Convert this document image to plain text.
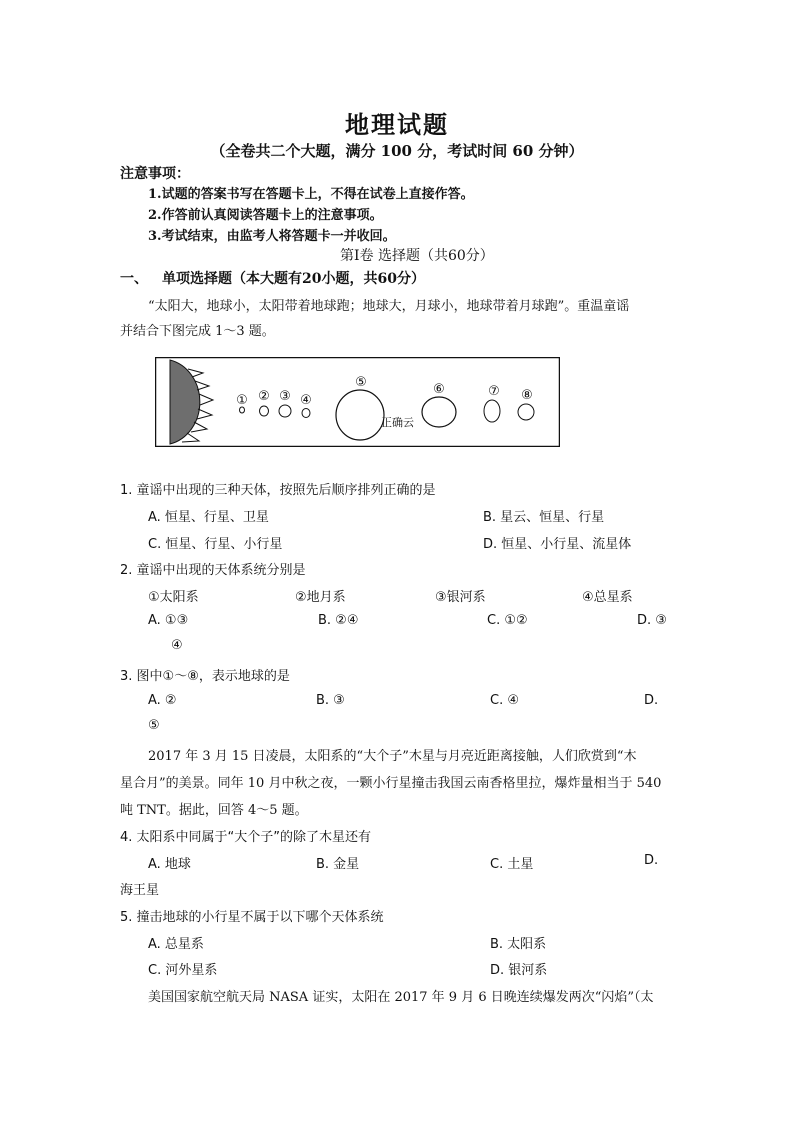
地理试题
（全卷共二个大题，满分 100 分，考试时间 60 分钟）
注意事项：
1.试题的答案书写在答题卡上，不得在试卷上直接作答。
2.作答前认真阅读答题卡上的注意事项。
3.考试结束，由监考人将答题卡一并收回。
第Ⅰ卷 选择题（共60分）
一、 单项选择题（本大题有20小题，共60分）
“太阳大，地球小，太阳带着地球跑；地球大，月球小，地球带着月球跑”。重温童谣
并结合下图完成 1～3 题。
① ② ③ ④
⑤	⑥	⑦ ⑧
正确云
1. 童谣中出现的三种天体，按照先后顺序排列正确的是
A. 恒星、行星、卫星	B. 星云、恒星、行星
C. 恒星、行星、小行星	D. 恒星、小行星、流星体
2. 童谣中出现的天体系统分别是
①太阳系	②地月系	③银河系	④总星系
A. ①③	B. ②④	C. ①②	D. ③
④
3. 图中①～⑧，表示地球的是
A. ②	B. ③	C. ④	D.
⑤
2017 年 3 月 15 日凌晨，太阳系的“大个子”木星与月亮近距离接触，人们欣赏到“木
星合月”的美景。同年 10 月中秋之夜，一颗小行星撞击我国云南香格里拉，爆炸量相当于 540
吨 TNT。据此，回答 4～5 题。
4. 太阳系中同属于“大个子”的除了木星还有
A. 地球	B. 金星	C. 土星	D.
海王星
5. 撞击地球的小行星不属于以下哪个天体系统
A. 总星系	B. 太阳系
C. 河外星系	D. 银河系
美国国家航空航天局 NASA 证实，太阳在 2017 年 9 月 6 日晚连续爆发两次“闪焰”（太
